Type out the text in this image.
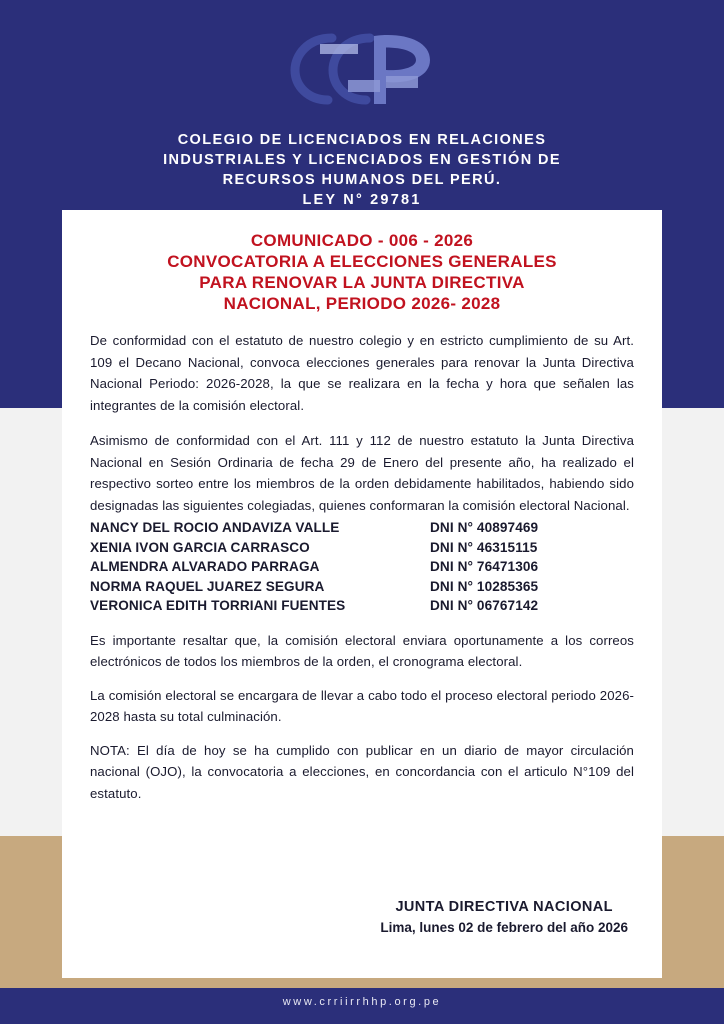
COLEGIO DE LICENCIADOS EN RELACIONES
INDUSTRIALES Y LICENCIADOS EN GESTIÓN DE
RECURSOS HUMANOS DEL PERÚ.
LEY N° 29781
COMUNICADO - 006 - 2026
CONVOCATORIA A ELECCIONES GENERALES
PARA RENOVAR LA JUNTA DIRECTIVA
NACIONAL, PERIODO 2026- 2028

De conformidad con el estatuto de nuestro colegio y en estricto cumplimiento de su Art. 109 el Decano Nacional, convoca elecciones generales para renovar la Junta Directiva Nacional Periodo: 2026-2028, la que se realizara en la fecha y hora que señalen las integrantes de la comisión electoral.

Asimismo de conformidad con el Art. 111 y 112 de nuestro estatuto la Junta Directiva Nacional en Sesión Ordinaria de fecha 29 de Enero del presente año, ha realizado el respectivo sorteo entre los miembros de la orden debidamente habilitados, habiendo sido designadas las siguientes colegiadas, quienes conformaran la comisión electoral Nacional.

NANCY DEL ROCIO ANDAVIZA VALLE	DNI N° 40897469
XENIA IVON GARCIA CARRASCO	DNI N° 46315115
ALMENDRA ALVARADO PARRAGA	DNI N° 76471306
NORMA RAQUEL JUAREZ SEGURA	DNI N° 10285365
VERONICA EDITH TORRIANI FUENTES	DNI N° 06767142

Es importante resaltar que, la comisión electoral enviara oportunamente a los correos electrónicos de todos los miembros de la orden, el cronograma electoral.

La comisión electoral se encargara de llevar a cabo todo el proceso electoral periodo 2026-2028 hasta su total culminación.

NOTA: El día de hoy se ha cumplido con publicar en un diario de mayor circulación nacional (OJO), la convocatoria a elecciones, en concordancia con el articulo N°109 del estatuto.

JUNTA DIRECTIVA NACIONAL
Lima, lunes 02 de febrero del año 2026
www.crriirrhhp.org.pe
